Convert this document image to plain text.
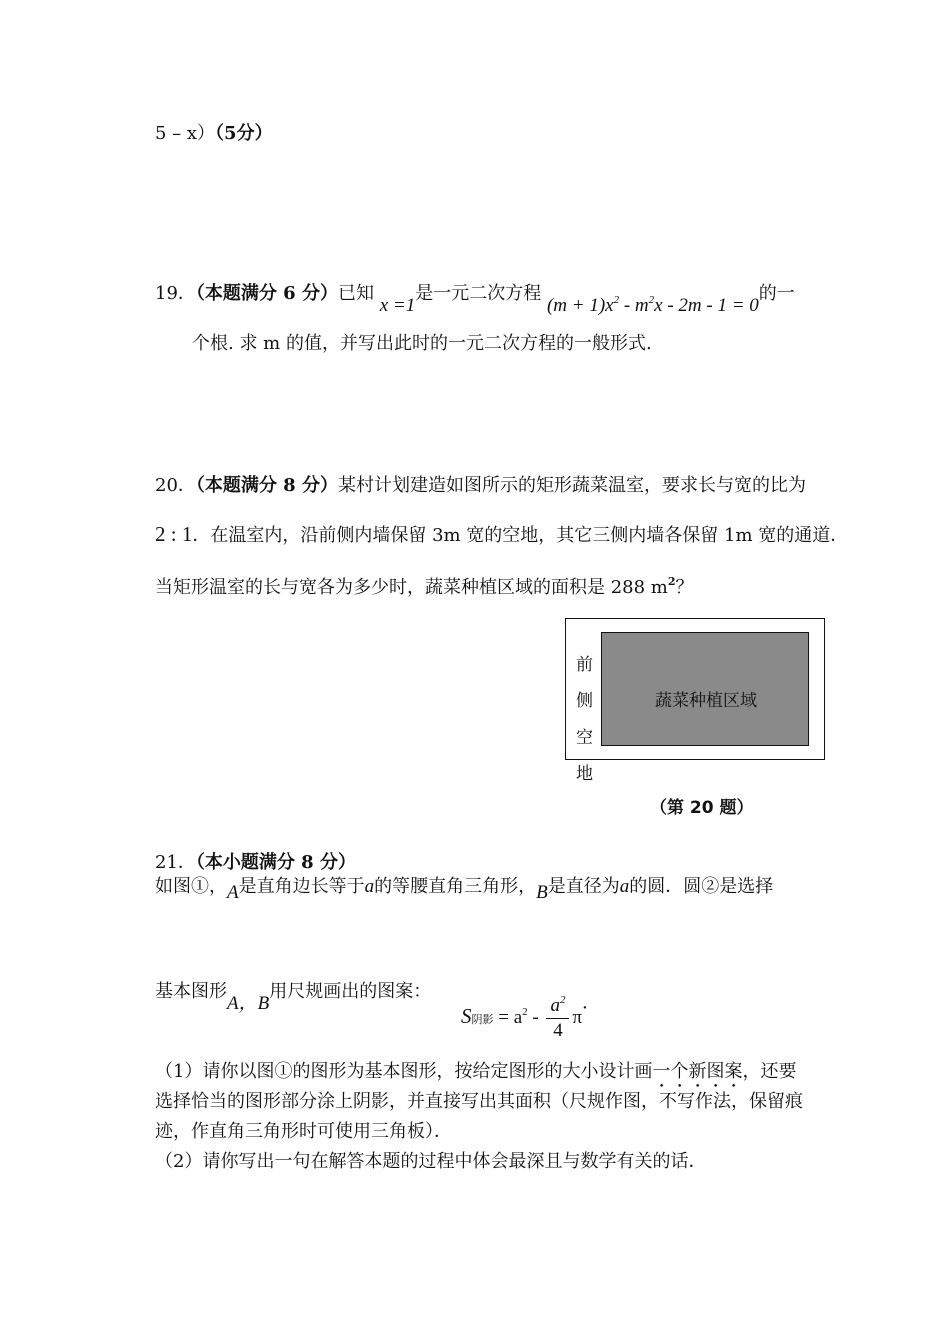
5 – x）（5分）
19．（本题满分 6 分）已知 x =1是一元二次方程 $(m + 1)x^2 - m^2x - 2m - 1 = 0$的一
个根. 求 m 的值，并写出此时的一元二次方程的一般形式.
20．（本题满分 8 分）某村计划建造如图所示的矩形蔬菜温室，要求长与宽的比为
2 : 1．在温室内，沿前侧内墙保留 3m 宽的空地，其它三侧内墙各保留 1m 宽的通道．
当矩形温室的长与宽各为多少时，蔬菜种植区域的面积是 288 $m^2$？
蔬菜种植区域
前
侧
空
地
（第 20 题）
21．（本小题满分 8 分）
如图①，A是直角边长等于a的等腰直角三角形，B是直径为a的圆．圆②是选择
基本图形A，B用尺规画出的图案：
S阴影 = $a^2 - \frac{a^2}{4}$ π．
（1）请你以图①的图形为基本图形，按给定图形的大小设计画一个新图案，还要
选择恰当的图形部分涂上阴影，并直接写出其面积（尺规作图，不写作法，保留痕
迹，作直角三角形时可使用三角板）．
（2）请你写出一句在解答本题的过程中体会最深且与数学有关的话．
